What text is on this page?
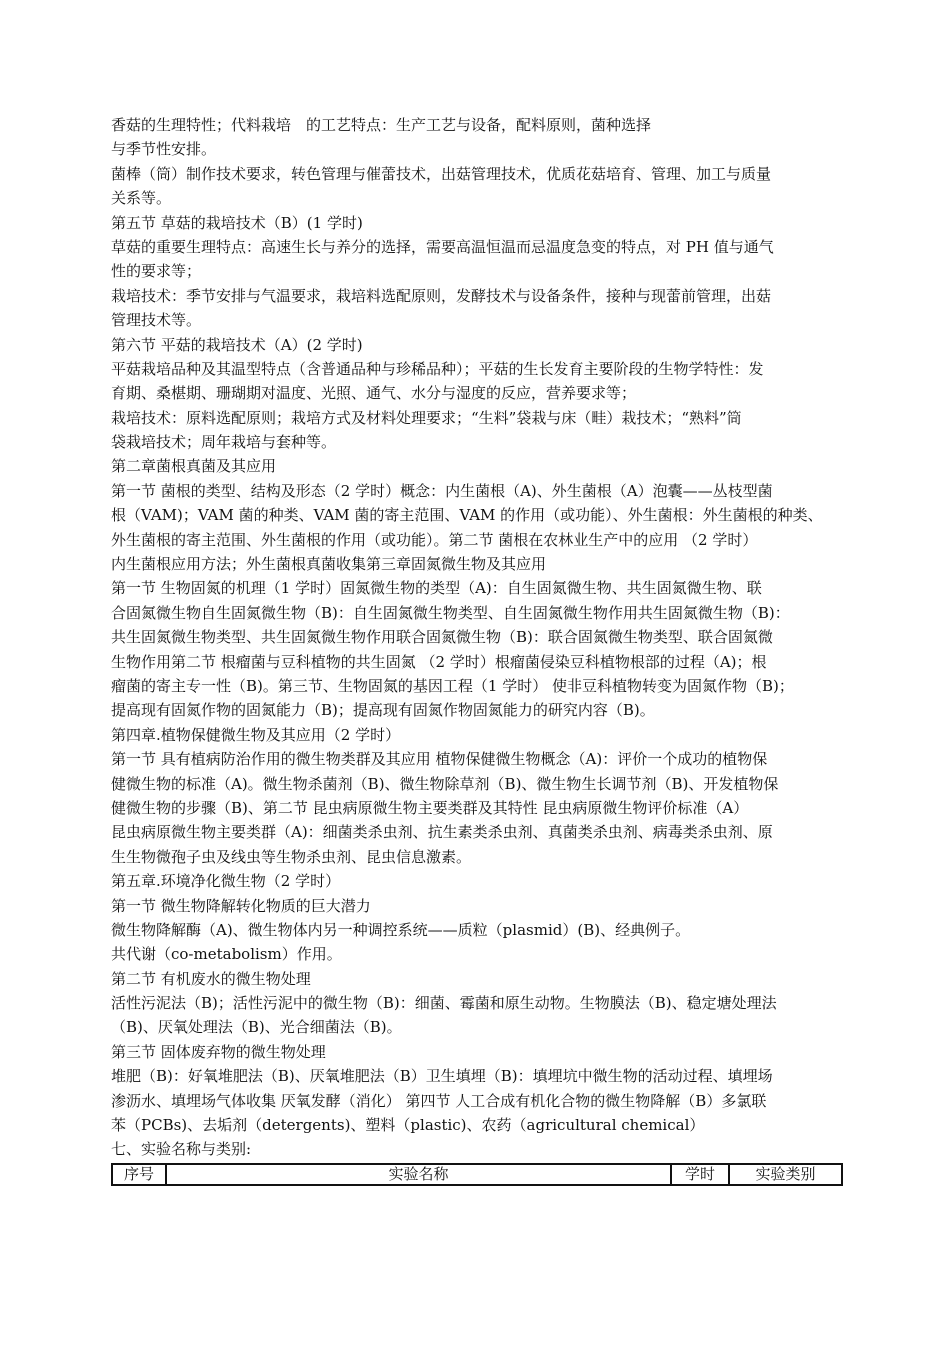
香菇的生理特性；代料栽培　的工艺特点：生产工艺与设备，配料原则，菌种选择
与季节性安排。
菌棒（筒）制作技术要求，转色管理与催蕾技术，出菇管理技术，优质花菇培育、管理、加工与质量
关系等。
第五节 草菇的栽培技术（B）(1 学时)
草菇的重要生理特点：高速生长与养分的选择，需要高温恒温而忌温度急变的特点，对 PH 值与通气
性的要求等；
栽培技术：季节安排与气温要求，栽培料选配原则，发酵技术与设备条件，接种与现蕾前管理，出菇
管理技术等。
第六节 平菇的栽培技术（A）(2 学时)
平菇栽培品种及其温型特点（含普通品种与珍稀品种）；平菇的生长发育主要阶段的生物学特性：发
育期、桑椹期、珊瑚期对温度、光照、通气、水分与湿度的反应，营养要求等；
栽培技术：原料选配原则；栽培方式及材料处理要求；“生料”袋栽与床（畦）栽技术；“熟料”筒
袋栽培技术；周年栽培与套种等。
第二章菌根真菌及其应用
第一节 菌根的类型、结构及形态（2 学时）概念：内生菌根（A)、外生菌根（A）泡囊——丛枝型菌
根（VAM)；VAM 菌的种类、VAM 菌的寄主范围、VAM 的作用（或功能）、外生菌根：外生菌根的种类、
外生菌根的寄主范围、外生菌根的作用（或功能）。第二节 菌根在农林业生产中的应用 （2 学时）
内生菌根应用方法；外生菌根真菌收集第三章固氮微生物及其应用
第一节 生物固氮的机理（1 学时）固氮微生物的类型（A)：自生固氮微生物、共生固氮微生物、联
合固氮微生物自生固氮微生物（B)：自生固氮微生物类型、自生固氮微生物作用共生固氮微生物（B)：
共生固氮微生物类型、共生固氮微生物作用联合固氮微生物（B)：联合固氮微生物类型、联合固氮微
生物作用第二节 根瘤菌与豆科植物的共生固氮 （2 学时）根瘤菌侵染豆科植物根部的过程（A)；根
瘤菌的寄主专一性（B)。第三节、生物固氮的基因工程（1 学时） 使非豆科植物转变为固氮作物（B)；
提高现有固氮作物的固氮能力（B)；提高现有固氮作物固氮能力的研究内容（B)。
第四章.植物保健微生物及其应用（2 学时）
第一节 具有植病防治作用的微生物类群及其应用 植物保健微生物概念（A)：评价一个成功的植物保
健微生物的标准（A)。微生物杀菌剂（B)、微生物除草剂（B)、微生物生长调节剂（B)、开发植物保
健微生物的步骤（B)、第二节 昆虫病原微生物主要类群及其特性 昆虫病原微生物评价标准（A）
昆虫病原微生物主要类群（A)：细菌类杀虫剂、抗生素类杀虫剂、真菌类杀虫剂、病毒类杀虫剂、原
生生物微孢子虫及线虫等生物杀虫剂、昆虫信息激素。
第五章.环境净化微生物（2 学时）
第一节 微生物降解转化物质的巨大潜力
微生物降解酶（A)、微生物体内另一种调控系统——质粒（plasmid）(B)、经典例子。
共代谢（co-metabolism）作用。
第二节 有机废水的微生物处理
活性污泥法（B)；活性污泥中的微生物（B)：细菌、霉菌和原生动物。生物膜法（B)、稳定塘处理法
（B)、厌氧处理法（B)、光合细菌法（B)。
第三节 固体废弃物的微生物处理
堆肥（B)：好氧堆肥法（B)、厌氧堆肥法（B）卫生填埋（B)：填埋坑中微生物的活动过程、填埋场
渗沥水、填埋场气体收集 厌氧发酵（消化） 第四节 人工合成有机化合物的微生物降解（B）多氯联
苯（PCBs)、去垢剂（detergents)、塑料（plastic)、农药（agricultural chemical）
七、实验名称与类别:
序号	实验名称	学时	实验类别
